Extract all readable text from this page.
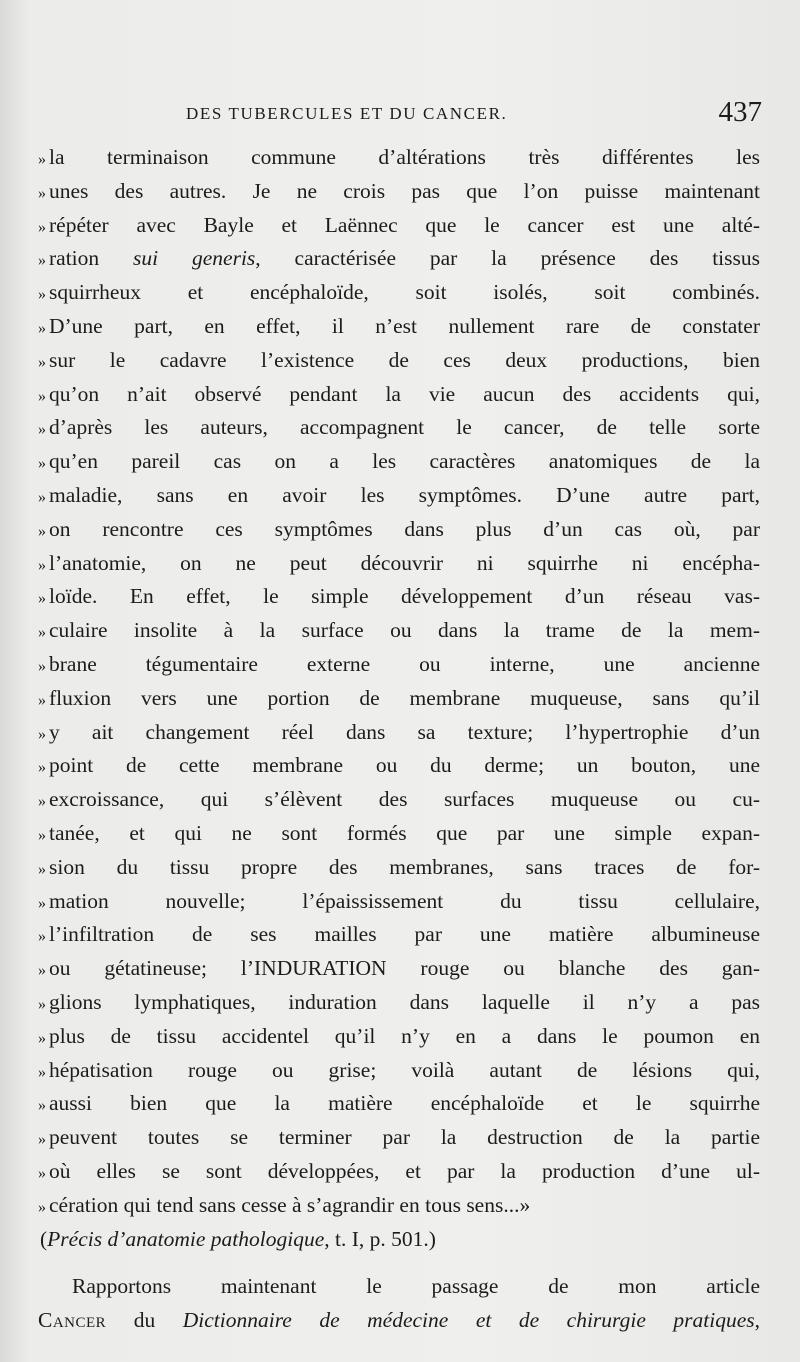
DES TUBERCULES ET DU CANCER.	437
» la terminaison commune d’altérations très différentes les
» unes des autres. Je ne crois pas que l’on puisse maintenant
» répéter avec Bayle et Laënnec que le cancer est une alté-
» ration sui generis, caractérisée par la présence des tissus
» squirrheux et encéphaloïde, soit isolés, soit combinés.
» D’une part, en effet, il n’est nullement rare de constater
» sur le cadavre l’existence de ces deux productions, bien
» qu’on n’ait observé pendant la vie aucun des accidents qui,
» d’après les auteurs, accompagnent le cancer, de telle sorte
» qu’en pareil cas on a les caractères anatomiques de la
» maladie, sans en avoir les symptômes. D’une autre part,
» on rencontre ces symptômes dans plus d’un cas où, par
» l’anatomie, on ne peut découvrir ni squirrhe ni encépha-
» loïde. En effet, le simple développement d’un réseau vas-
» culaire insolite à la surface ou dans la trame de la mem-
» brane tégumentaire externe ou interne, une ancienne
» fluxion vers une portion de membrane muqueuse, sans qu’il
» y ait changement réel dans sa texture; l’hypertrophie d’un
» point de cette membrane ou du derme; un bouton, une
» excroissance, qui s’élèvent des surfaces muqueuse ou cu-
» tanée, et qui ne sont formés que par une simple expan-
» sion du tissu propre des membranes, sans traces de for-
» mation nouvelle; l’épaississement du tissu cellulaire,
» l’infiltration de ses mailles par une matière albumineuse
» ou gétatineuse; l’INDURATION rouge ou blanche des gan-
» glions lymphatiques, induration dans laquelle il n’y a pas
» plus de tissu accidentel qu’il n’y en a dans le poumon en
» hépatisation rouge ou grise; voilà autant de lésions qui,
» aussi bien que la matière encéphaloïde et le squirrhe
» peuvent toutes se terminer par la destruction de la partie
» où elles se sont développées, et par la production d’une ul-
» cération qui tend sans cesse à s’agrandir en tous sens...»
(Précis d’anatomie pathologique, t. I, p. 501.)
Rapportons maintenant le passage de mon article
Cancer du Dictionnaire de médecine et de chirurgie pratiques,
